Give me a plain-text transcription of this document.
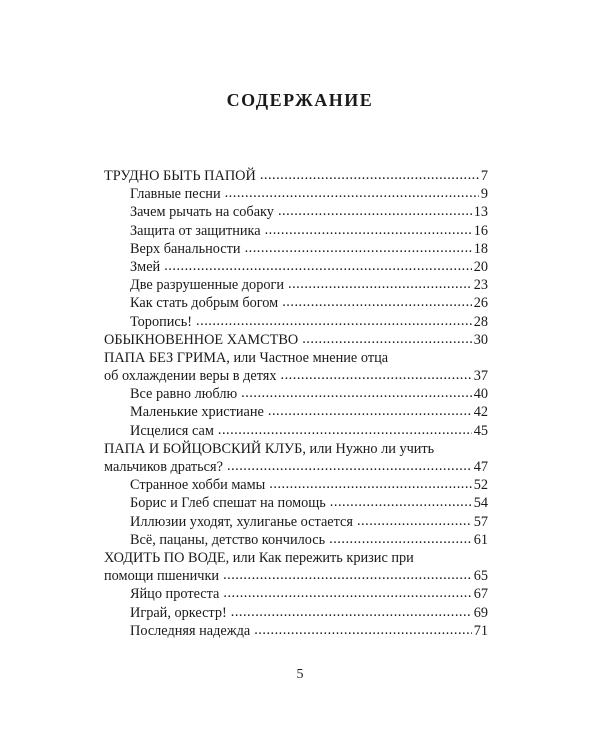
СОДЕРЖАНИЕ
ТРУДНО БЫТЬ ПАПОЙ .....	7
Главные песни .....	9
Зачем рычать на собаку .....	13
Защита от защитника .....	16
Верх банальности .....	18
Змей .....	20
Две разрушенные дороги .....	23
Как стать добрым богом .....	26
Торопись! .....	28
ОБЫКНОВЕННОЕ ХАМСТВО .....	30
ПАПА БЕЗ ГРИМА, или Частное мнение отца
об охлаждении веры в детях .....	37
Все равно люблю .....	40
Маленькие христиане .....	42
Исцелися сам .....	45
ПАПА И БОЙЦОВСКИЙ КЛУБ, или Нужно ли учить
мальчиков драться? .....	47
Странное хобби мамы .....	52
Борис и Глеб спешат на помощь .....	54
Иллюзии уходят, хулиганье остается .....	57
Всё, пацаны, детство кончилось .....	61
ХОДИТЬ ПО ВОДЕ, или Как пережить кризис при
помощи пшенички .....	65
Яйцо протеста .....	67
Играй, оркестр! .....	69
Последняя надежда .....	71
5
